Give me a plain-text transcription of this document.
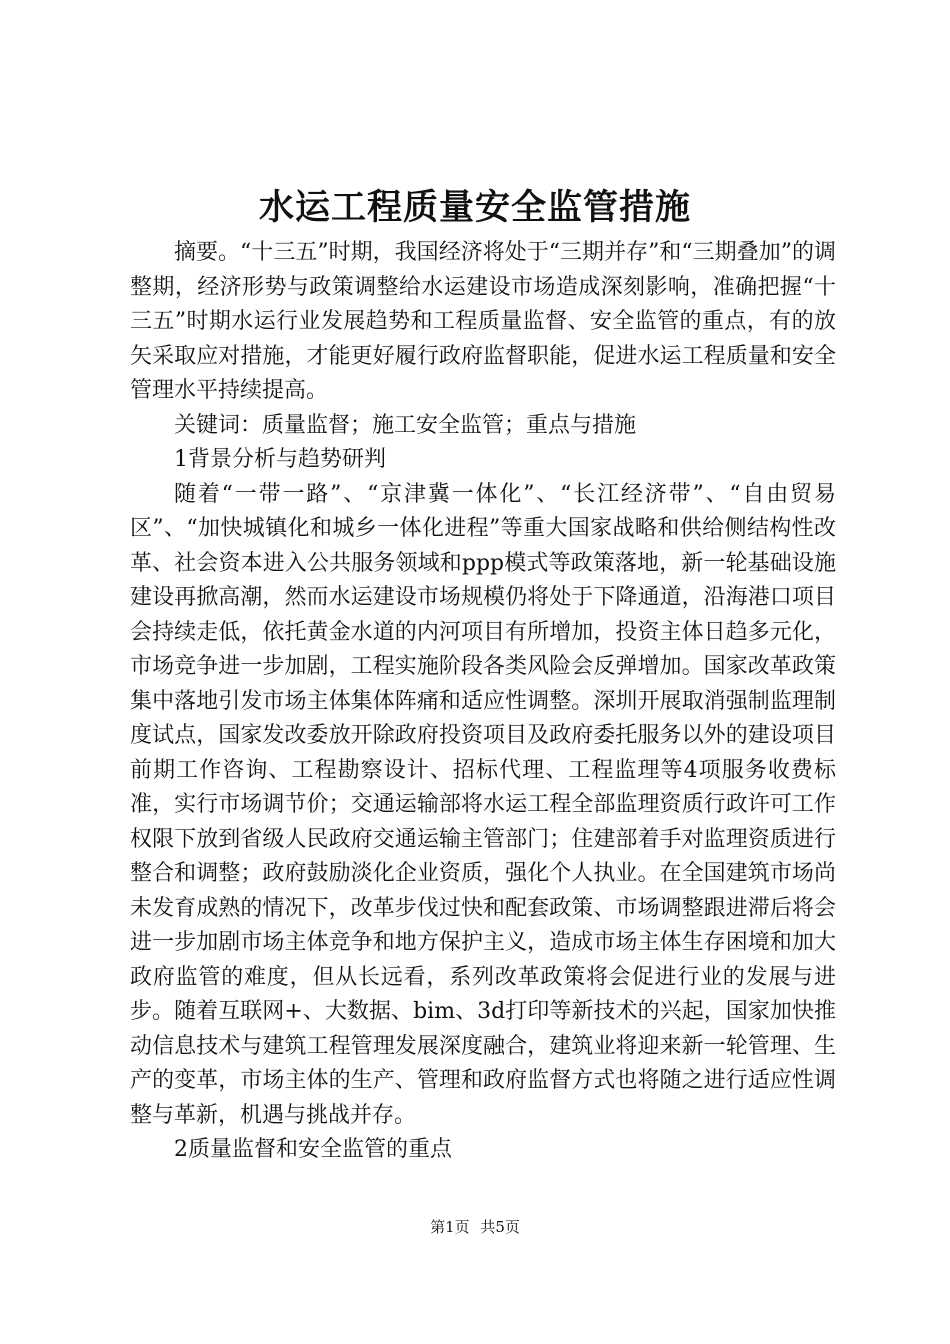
水运工程质量安全监管措施

摘要。“十三五”时期，我国经济将处于“三期并存”和“三期叠加”的调整期，经济形势与政策调整给水运建设市场造成深刻影响，准确把握“十三五”时期水运行业发展趋势和工程质量监督、安全监管的重点，有的放矢采取应对措施，才能更好履行政府监督职能，促进水运工程质量和安全管理水平持续提高。

关键词：质量监督；施工安全监管；重点与措施

1背景分析与趋势研判

随着“一带一路”、“京津冀一体化”、“长江经济带”、“自由贸易区”、“加快城镇化和城乡一体化进程”等重大国家战略和供给侧结构性改革、社会资本进入公共服务领域和ppp模式等政策落地，新一轮基础设施建设再掀高潮，然而水运建设市场规模仍将处于下降通道，沿海港口项目会持续走低，依托黄金水道的内河项目有所增加，投资主体日趋多元化，市场竞争进一步加剧，工程实施阶段各类风险会反弹增加。国家改革政策集中落地引发市场主体集体阵痛和适应性调整。深圳开展取消强制监理制度试点，国家发改委放开除政府投资项目及政府委托服务以外的建设项目前期工作咨询、工程勘察设计、招标代理、工程监理等4项服务收费标准，实行市场调节价；交通运输部将水运工程全部监理资质行政许可工作权限下放到省级人民政府交通运输主管部门；住建部着手对监理资质进行整合和调整；政府鼓励淡化企业资质，强化个人执业。在全国建筑市场尚未发育成熟的情况下，改革步伐过快和配套政策、市场调整跟进滞后将会进一步加剧市场主体竞争和地方保护主义，造成市场主体生存困境和加大政府监管的难度，但从长远看，系列改革政策将会促进行业的发展与进步。随着互联网+、大数据、bim、3d打印等新技术的兴起，国家加快推动信息技术与建筑工程管理发展深度融合，建筑业将迎来新一轮管理、生产的变革，市场主体的生产、管理和政府监督方式也将随之进行适应性调整与革新，机遇与挑战并存。

2质量监督和安全监管的重点

第1页 共5页
